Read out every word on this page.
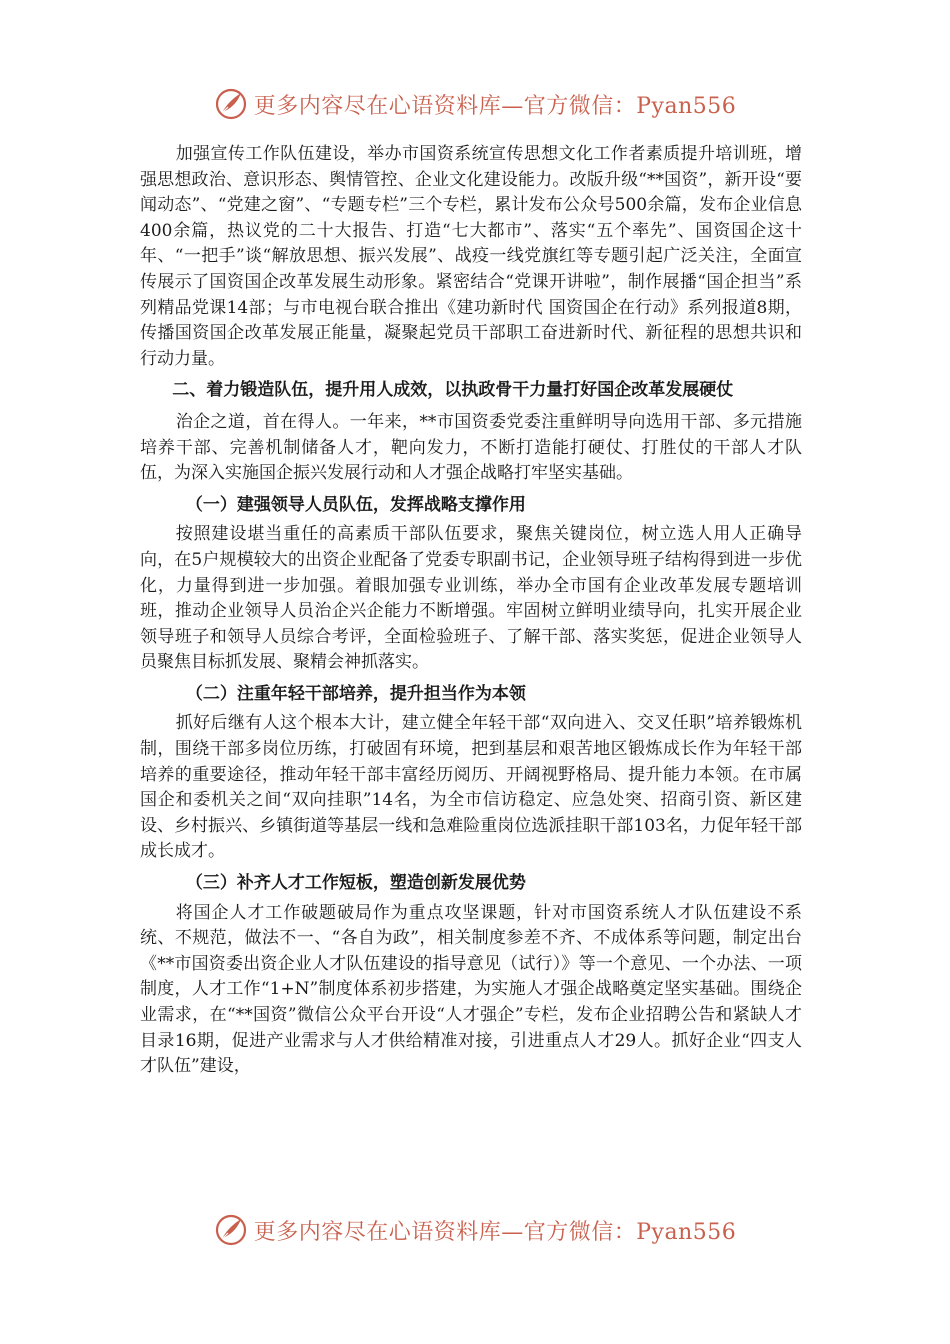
更多内容尽在心语资料库—官方微信：Pyan556

加强宣传工作队伍建设，举办市国资系统宣传思想文化工作者素质提升培训班，增强思想政治、意识形态、舆情管控、企业文化建设能力。改版升级“**国资”，新开设“要闻动态”、“党建之窗”、“专题专栏”三个专栏，累计发布公众号500余篇，发布企业信息400余篇，热议党的二十大报告、打造“七大都市”、落实“五个率先”、国资国企这十年、“一把手”谈“解放思想、振兴发展”、战疫一线党旗红等专题引起广泛关注，全面宣传展示了国资国企改革发展生动形象。紧密结合“党课开讲啦”，制作展播“国企担当”系列精品党课14部；与市电视台联合推出《建功新时代 国资国企在行动》系列报道8期，传播国资国企改革发展正能量，凝聚起党员干部职工奋进新时代、新征程的思想共识和行动力量。

二、着力锻造队伍，提升用人成效，以执政骨干力量打好国企改革发展硬仗

治企之道，首在得人。一年来，**市国资委党委注重鲜明导向选用干部、多元措施培养干部、完善机制储备人才，靶向发力，不断打造能打硬仗、打胜仗的干部人才队伍，为深入实施国企振兴发展行动和人才强企战略打牢坚实基础。

（一）建强领导人员队伍，发挥战略支撑作用

按照建设堪当重任的高素质干部队伍要求，聚焦关键岗位，树立选人用人正确导向，在5户规模较大的出资企业配备了党委专职副书记，企业领导班子结构得到进一步优化，力量得到进一步加强。着眼加强专业训练，举办全市国有企业改革发展专题培训班，推动企业领导人员治企兴企能力不断增强。牢固树立鲜明业绩导向，扎实开展企业领导班子和领导人员综合考评，全面检验班子、了解干部、落实奖惩，促进企业领导人员聚焦目标抓发展、聚精会神抓落实。

（二）注重年轻干部培养，提升担当作为本领

抓好后继有人这个根本大计，建立健全年轻干部“双向进入、交叉任职”培养锻炼机制，围绕干部多岗位历练，打破固有环境，把到基层和艰苦地区锻炼成长作为年轻干部培养的重要途径，推动年轻干部丰富经历阅历、开阔视野格局、提升能力本领。在市属国企和委机关之间“双向挂职”14名，为全市信访稳定、应急处突、招商引资、新区建设、乡村振兴、乡镇街道等基层一线和急难险重岗位选派挂职干部103名，力促年轻干部成长成才。

（三）补齐人才工作短板，塑造创新发展优势

将国企人才工作破题破局作为重点攻坚课题，针对市国资系统人才队伍建设不系统、不规范，做法不一、“各自为政”，相关制度参差不齐、不成体系等问题，制定出台《**市国资委出资企业人才队伍建设的指导意见（试行）》等一个意见、一个办法、一项制度，人才工作“1+N”制度体系初步搭建，为实施人才强企战略奠定坚实基础。围绕企业需求，在“**国资”微信公众平台开设“人才强企”专栏，发布企业招聘公告和紧缺人才目录16期，促进产业需求与人才供给精准对接，引进重点人才29人。抓好企业“四支人才队伍”建设，

更多内容尽在心语资料库—官方微信：Pyan556
